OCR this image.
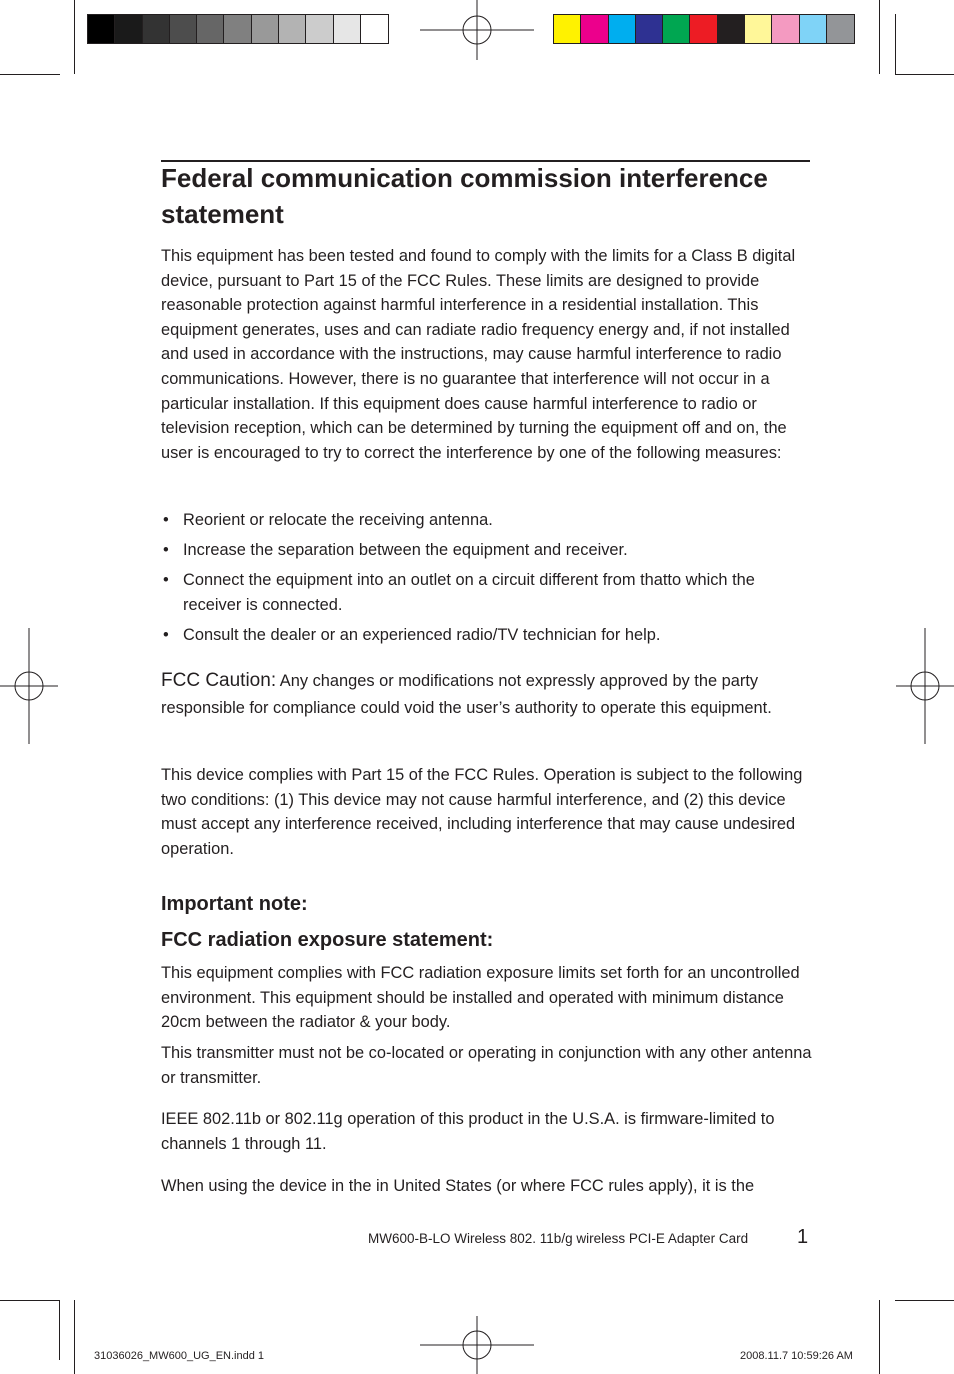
Federal communication commission interference statement

This equipment has been tested and found to comply with the limits for a Class B digital device, pursuant to Part 15 of the FCC Rules. These limits are designed to provide reasonable protection against harmful interference in a residential installation. This equipment generates, uses and can radiate radio frequency energy and, if not installed and used in accordance with the instructions, may cause harmful interference to radio communications. However, there is no guarantee that interference will not occur in a particular installation. If this equipment does cause harmful interference to radio or television reception, which can be determined by turning the equipment off and on, the user is encouraged to try to correct the interference by one of the following measures:

• Reorient or relocate the receiving antenna.
• Increase the separation between the equipment and receiver.
• Connect the equipment into an outlet on a circuit different from thatto which the receiver is connected.
• Consult the dealer or an experienced radio/TV technician for help.

FCC Caution: Any changes or modifications not expressly approved by the party responsible for compliance could void the user’s authority to operate this equipment.

This device complies with Part 15 of the FCC Rules. Operation is subject to the following two conditions: (1) This device may not cause harmful interference, and (2) this device must accept any interference received, including interference that may cause undesired operation.

Important note:
FCC radiation exposure statement:

This equipment complies with FCC radiation exposure limits set forth for an uncontrolled environment. This equipment should be installed and operated with minimum distance 20cm between the radiator & your body.

This transmitter must not be co-located or operating in conjunction with any other antenna or transmitter.

IEEE 802.11b or 802.11g operation of this product in the U.S.A. is firmware-limited to channels 1 through 11.

When using the device in the in United States (or where FCC rules apply), it is the

MW600-B-LO Wireless 802. 11b/g wireless PCI-E Adapter Card 1
31036026_MW600_UG_EN.indd 1	2008.11.7 10:59:26 AM
